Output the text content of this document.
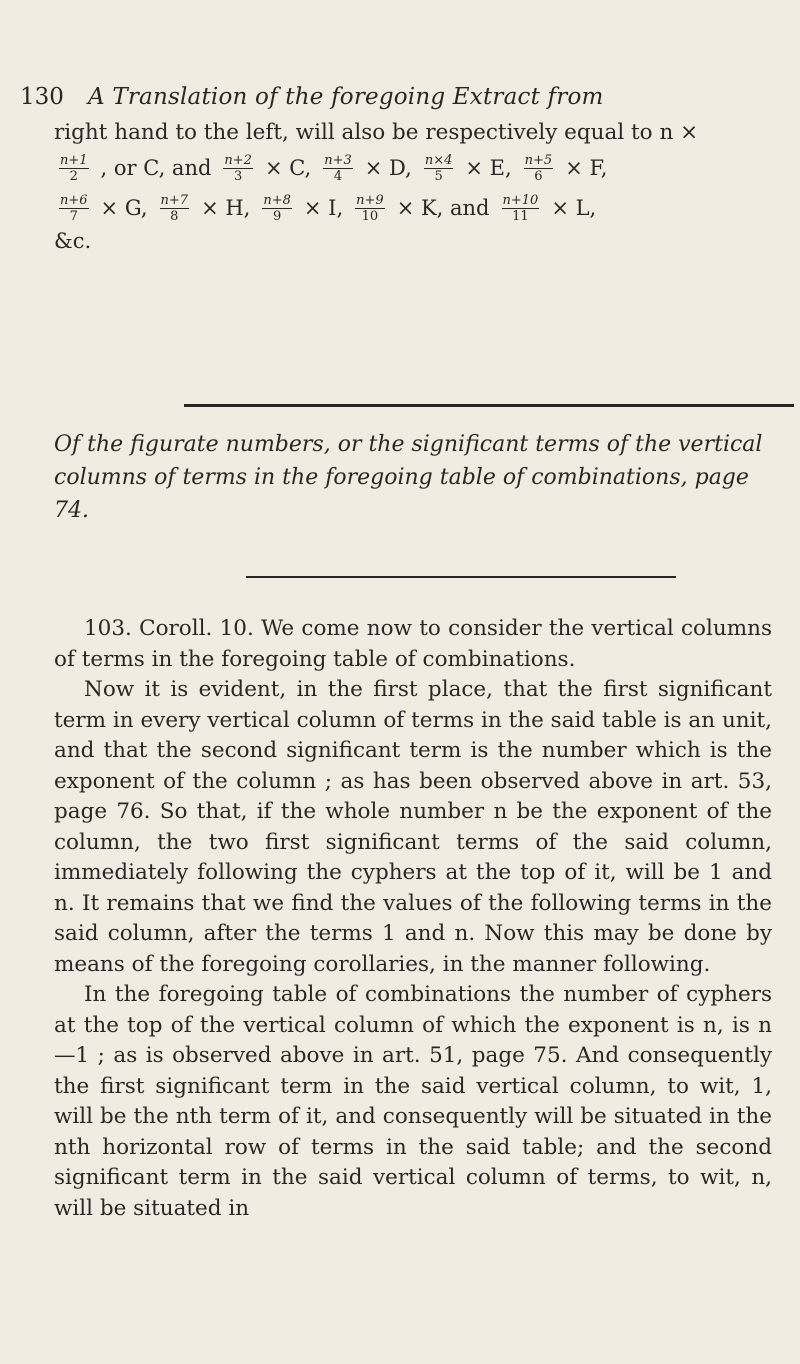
130 A Translation of the foregoing Extract from
right hand to the left, will also be respectively equal to n ×
$\frac{n+1}{2}$ , or C, and $\frac{n+2}{3} \times C$, $\frac{n+3}{4} \times D$, $\frac{n\times 4}{5} \times E$, $\frac{n+5}{6} \times F$,
$\frac{n+6}{7} \times G$, $\frac{n+7}{8} \times H$, $\frac{n+8}{9} \times I$, $\frac{n+9}{10} \times K$, and $\frac{n+10}{11} \times L$,
&c.
Of the figurate numbers, or the significant terms of the vertical columns of terms in the foregoing table of combinations, page 74.

103. Coroll. 10. We come now to consider the vertical columns of terms in the foregoing table of combinations.

Now it is evident, in the first place, that the first significant term in every vertical column of terms in the said table is an unit, and that the second significant term is the number which is the exponent of the column ; as has been observed above in art. 53, page 76. So that, if the whole number n be the exponent of the column, the two first significant terms of the said column, immediately following the cyphers at the top of it, will be 1 and n. It remains that we find the values of the following terms in the said column, after the terms 1 and n. Now this may be done by means of the foregoing corollaries, in the manner following.

In the foregoing table of combinations the number of cyphers at the top of the vertical column of which the exponent is n, is n—1 ; as is observed above in art. 51, page 75. And consequently the first significant term in the said vertical column, to wit, 1, will be the nth term of it, and consequently will be situated in the nth horizontal row of terms in the said table; and the second significant term in the said vertical column of terms, to wit, n, will be situated in
